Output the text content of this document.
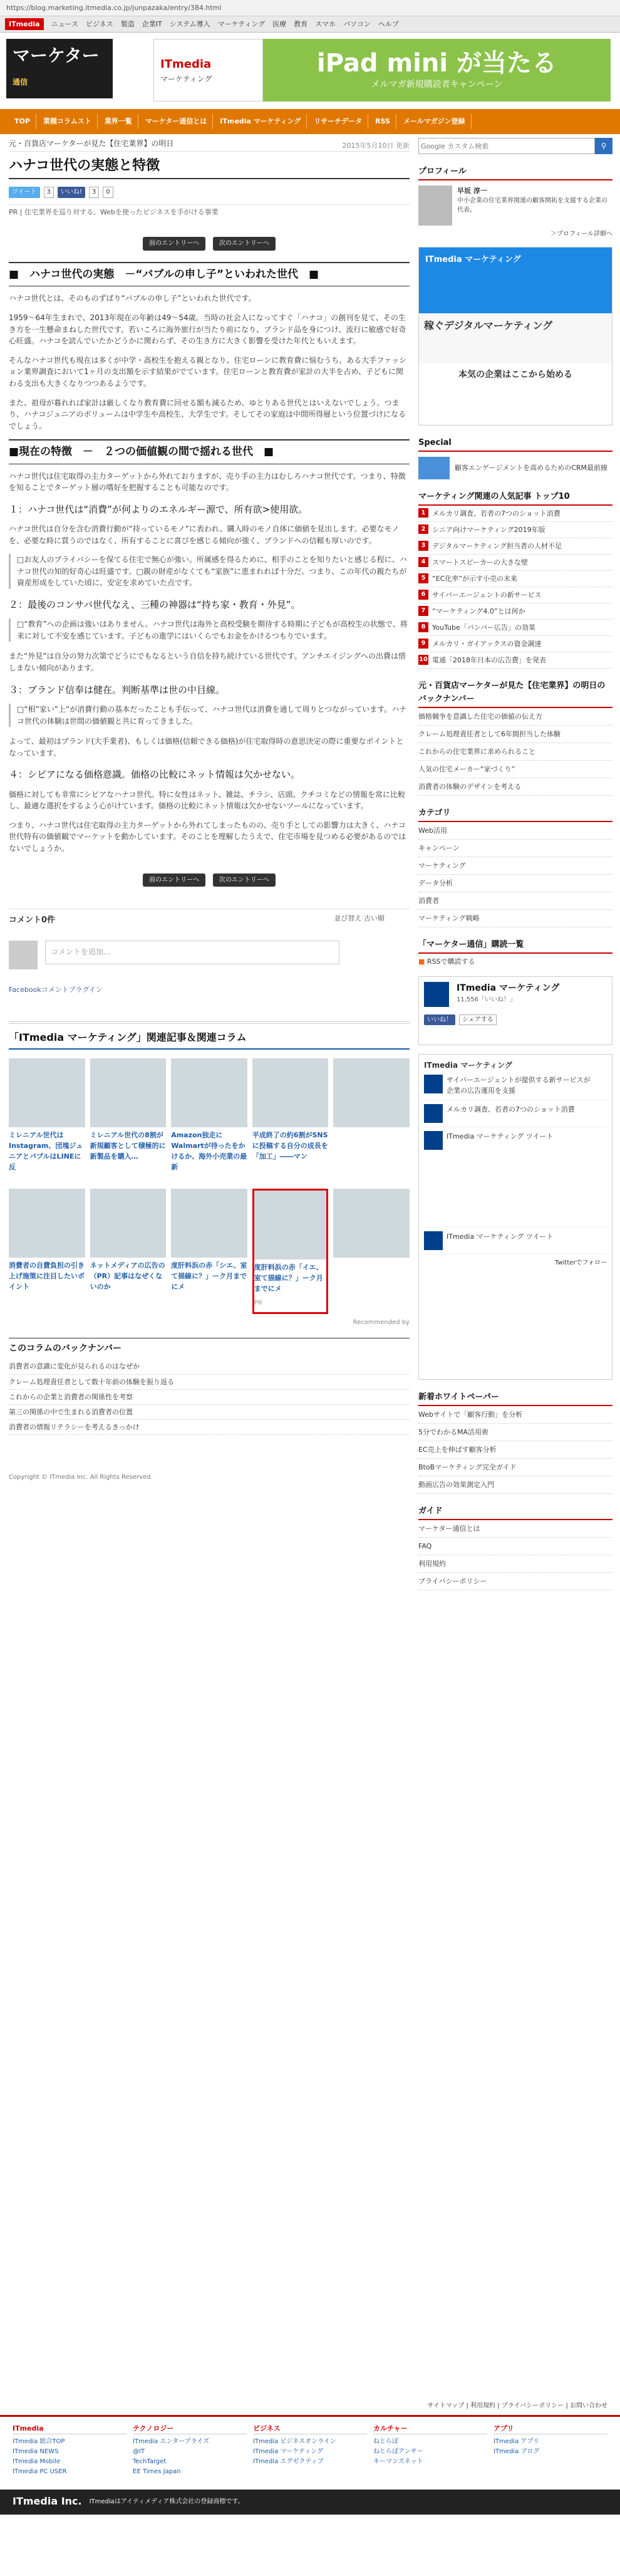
https://blog.marketing.itmedia.co.jp/junpazaka/entry/384.html
ITmedia	ニュース ビジネス 製造 企業IT システム導入 マーケティング 医療 教育 スマホ パソコン ヘルプ
マーケター
通信
ITmedia
マーケティング
iPad mini が当たる
メルマガ新規購読者キャンペーン
TOP	業種コラムスト	業界一覧	マーケター通信とは	ITmedia マーケティング	リサーチデータ	RSS	メールマガジン登録
元・百貨店マーケターが見た【住宅業界】の明日	2015年5月10日 更新
ハナコ世代の実態と特徴
ツイート	3	いいね!	3	0
PR | 住宅業界を巡り対する、Webを使ったビジネスを手がける事業
前のエントリーへ	次のエントリーへ
■　ハナコ世代の実態　－“バブルの申し子”といわれた世代　■

ハナコ世代とは、そのものずばり“バブルの申し子”といわれた世代です。

1959～64年生まれで、2013年現在の年齢は49～54歳。当時の社会人になってすぐ「ハナコ」の創刊を見て、その生き方を一生懸命まねした世代です。若いころに海外旅行が当たり前になり、ブランド品を身につけ、流行に敏感で好奇心旺盛。ハナコを読んでいたかどうかに関わらず、その生き方に大きく影響を受けた年代ともいえます。

そんなハナコ世代も現在は多くが中学・高校生を抱える親となり、住宅ローンに教育費に悩むうち、ある大手ファッション業界調査において1ヶ月の支出額を示す結果がでています。住宅ローンと教育費が家計の大半を占め、子どもに関わる支出も大きくなりつつあるようです。

また、祖母が暮れれば家計は厳しくなり教育費に回せる額も減るため、ゆとりある世代とはいえないでしょう。つまり、ハナコジュニアのボリュームは中学生や高校生、大学生です。そしてその家庭は中間所得層という位置づけになるでしょう。

■現在の特徴　－　２つの価値観の間で揺れる世代　■

ハナコ世代は住宅取得の主力ターゲットから外れておりますが、売り手の主力はむしろハナコ世代です。つまり、特徴を知ることでターゲット層の嗜好を把握することも可能なのです。

１：ハナコ世代は“消費”が何よりのエネルギー源で、所有欲>使用欲。

ハナコ世代は自分を含む消費行動が“持っているモノ”に表われ、購入時のモノ自体に価値を見出します。必要なモノを、必要な時に買うのではなく、所有することに喜びを感じる傾向が強く、ブランドへの信頼も厚いのです。

□お友人のプライバシーを保てる住宅で無心が強い。所属感を得るために、相手のことを知りたいと感じる程に、ハナコ世代の知的好奇心は旺盛です。□親の財産がなくても“家族”に恵まれれば十分だ。つまり、この年代の親たちが資産形成をしていた頃に、安定を求めていた点です。

２：最後のコンサバ世代なえ、三種の神器は“持ち家・教育・外見”。

□“教育”への企画は強いはありません。ハナコ世代は海外と高校受験を期待する時期に子どもが高校生の状態で、将来に対して不安を感じています。子どもの進学にはいくらでもお金をかけるつもりでいます。

また“外見”は自分の努力次第でどうにでもなるという自信を持ち続けている世代です。アンチエイジングへの出費は惜しまない傾向があります。

３：ブランド信奉は健在。判断基準は世の中目線。

□“相”家い”上”が消費行動の基本だったことも手伝って、ハナコ世代は消費を通して周りとつながっています。ハナコ世代の体験は世間の価値観と共に育ってきました。

よって、最初はブランド(大手業者)、もしくは価格(信頼できる価格)が住宅取得時の意思決定の際に重要なポイントとなっています。

４：シビアになる価格意識。価格の比較にネット情報は欠かせない。

価格に対しても非常にシビアなハナコ世代。特に女性はネット、雑誌、チラシ、店頭、クチコミなどの情報を常に比較し、最適な選択をするよう心がけています。価格の比較にネット情報は欠かせないツールになっています。

つまり、ハナコ世代は住宅取得の主力ターゲットから外れてしまったものの、売り手としての影響力は大きく、ハナコ世代特有の価値観でマーケットを動かしています。そのことを理解したうえで、住宅市場を見つめる必要があるのではないでしょうか。

前のエントリーへ	次のエントリーへ
コメント0件	並び替え 古い順
コメントを追加...
Facebookコメントプラグイン
「ITmedia マーケティング」関連記事＆関連コラム
ミレニアル世代はInstagram、団塊ジュニアとバブルはLINEに反
ミレニアル世代の8割が新規顧客として積極的に新製品を購入…
Amazon独走にWalmartが待ったをかけるか、海外小売業の最新
平成終了の約6割がSNSに投稿する自分の成長を「加工」――マン
消費者の自費負担の引き上げ施策に注目したいポイント
ネットメディアの広告の（PR）記事はなぜくないのか
度肝料浜の赤「シエ、室て描線に？」ーク月までにメ
度肝料浜の赤「イエ、室て描線に？」ーク月までにメ
PR
Recommended by
このコラムのバックナンバー
消費者の意識に変化が見られるのはなぜか
クレーム処理責任者として数十年前の体験を振り返る
これからの企業と消費者の関係性を考察
第三の関係の中で生まれる消費者の位置
消費者の情報リテラシーを考えるきっかけ
Copyright © ITmedia Inc. All Rights Reserved.
Google カスタム検索
⚲
プロフィール
早坂 淳一

中小企業の住宅業界関連の顧客開拓を支援する企業の代表。

＞プロフィール詳細へ
ITmedia マーケティング
稼ぐデジタルマーケティング
本気の企業はここから始める
Special
顧客エンゲージメントを高めるためのCRM最前線
マーケティング関連の人気記事 トップ10
1 メルカリ調査、若者の7つのショット消費
2 シニア向けマーケティング2019年版
3 デジタルマーケティング担当者の人材不足
4 スマートスピーカーの大きな壁
5 “EC化率”が示す小売の未来
6 サイバーエージェントの新サービス
7 “マーケティング4.0”とは何か
8 YouTube「バンパー広告」の効果
9 メルカリ・ガイアックスの資金調達
10 電通「2018年日本の広告費」を発表
元・百貨店マーケターが見た【住宅業界】の明日のバックナンバー
価格競争を意識した住宅の価値の伝え方
クレーム処理責任者として6年間担当した体験
これからの住宅業界に求められること
人気の住宅メーカー“家づくり”
消費者の体験のデザインを考える
カテゴリ
Web活用
キャンペーン
マーケティング
データ分析
消費者
マーケティング戦略
「マーケター通信」購読一覧
■ RSSで購読する
ITmedia マーケティング
11,556「いいね！」
いいね！	シェアする
ITmedia マーケティング
サイバーエージェントが提供する新サービスが企業の広告運用を支援
メルカリ調査、若者の7つのショット消費
ITmedia マーケティング ツイート
ITmedia マーケティング ツイート
Twitterでフォロー
新着ホワイトペーパー
Webサイトで「顧客行動」を分析
5分でわかるMA活用術
EC売上を伸ばす顧客分析
BtoBマーケティング完全ガイド
動画広告の効果測定入門
ガイド
マーケター通信とは
FAQ
利用規約
プライバシーポリシー
サイトマップ | 利用規約 | プライバシーポリシー | お問い合わせ
ITmedia
ITmedia 総合TOP
ITmedia NEWS
ITmedia Mobile
ITmedia PC USER
テクノロジー
ITmedia エンタープライズ
@IT
TechTarget
EE Times Japan
ビジネス
ITmedia ビジネスオンライン
ITmedia マーケティング
ITmedia エグゼクティブ
カルチャー
ねとらぼ
ねとらぼアンサー
キーマンズネット
アプリ
ITmedia アプリ
ITmedia ブログ
ITmedia Inc. ITmediaはアイティメディア株式会社の登録商標です。
